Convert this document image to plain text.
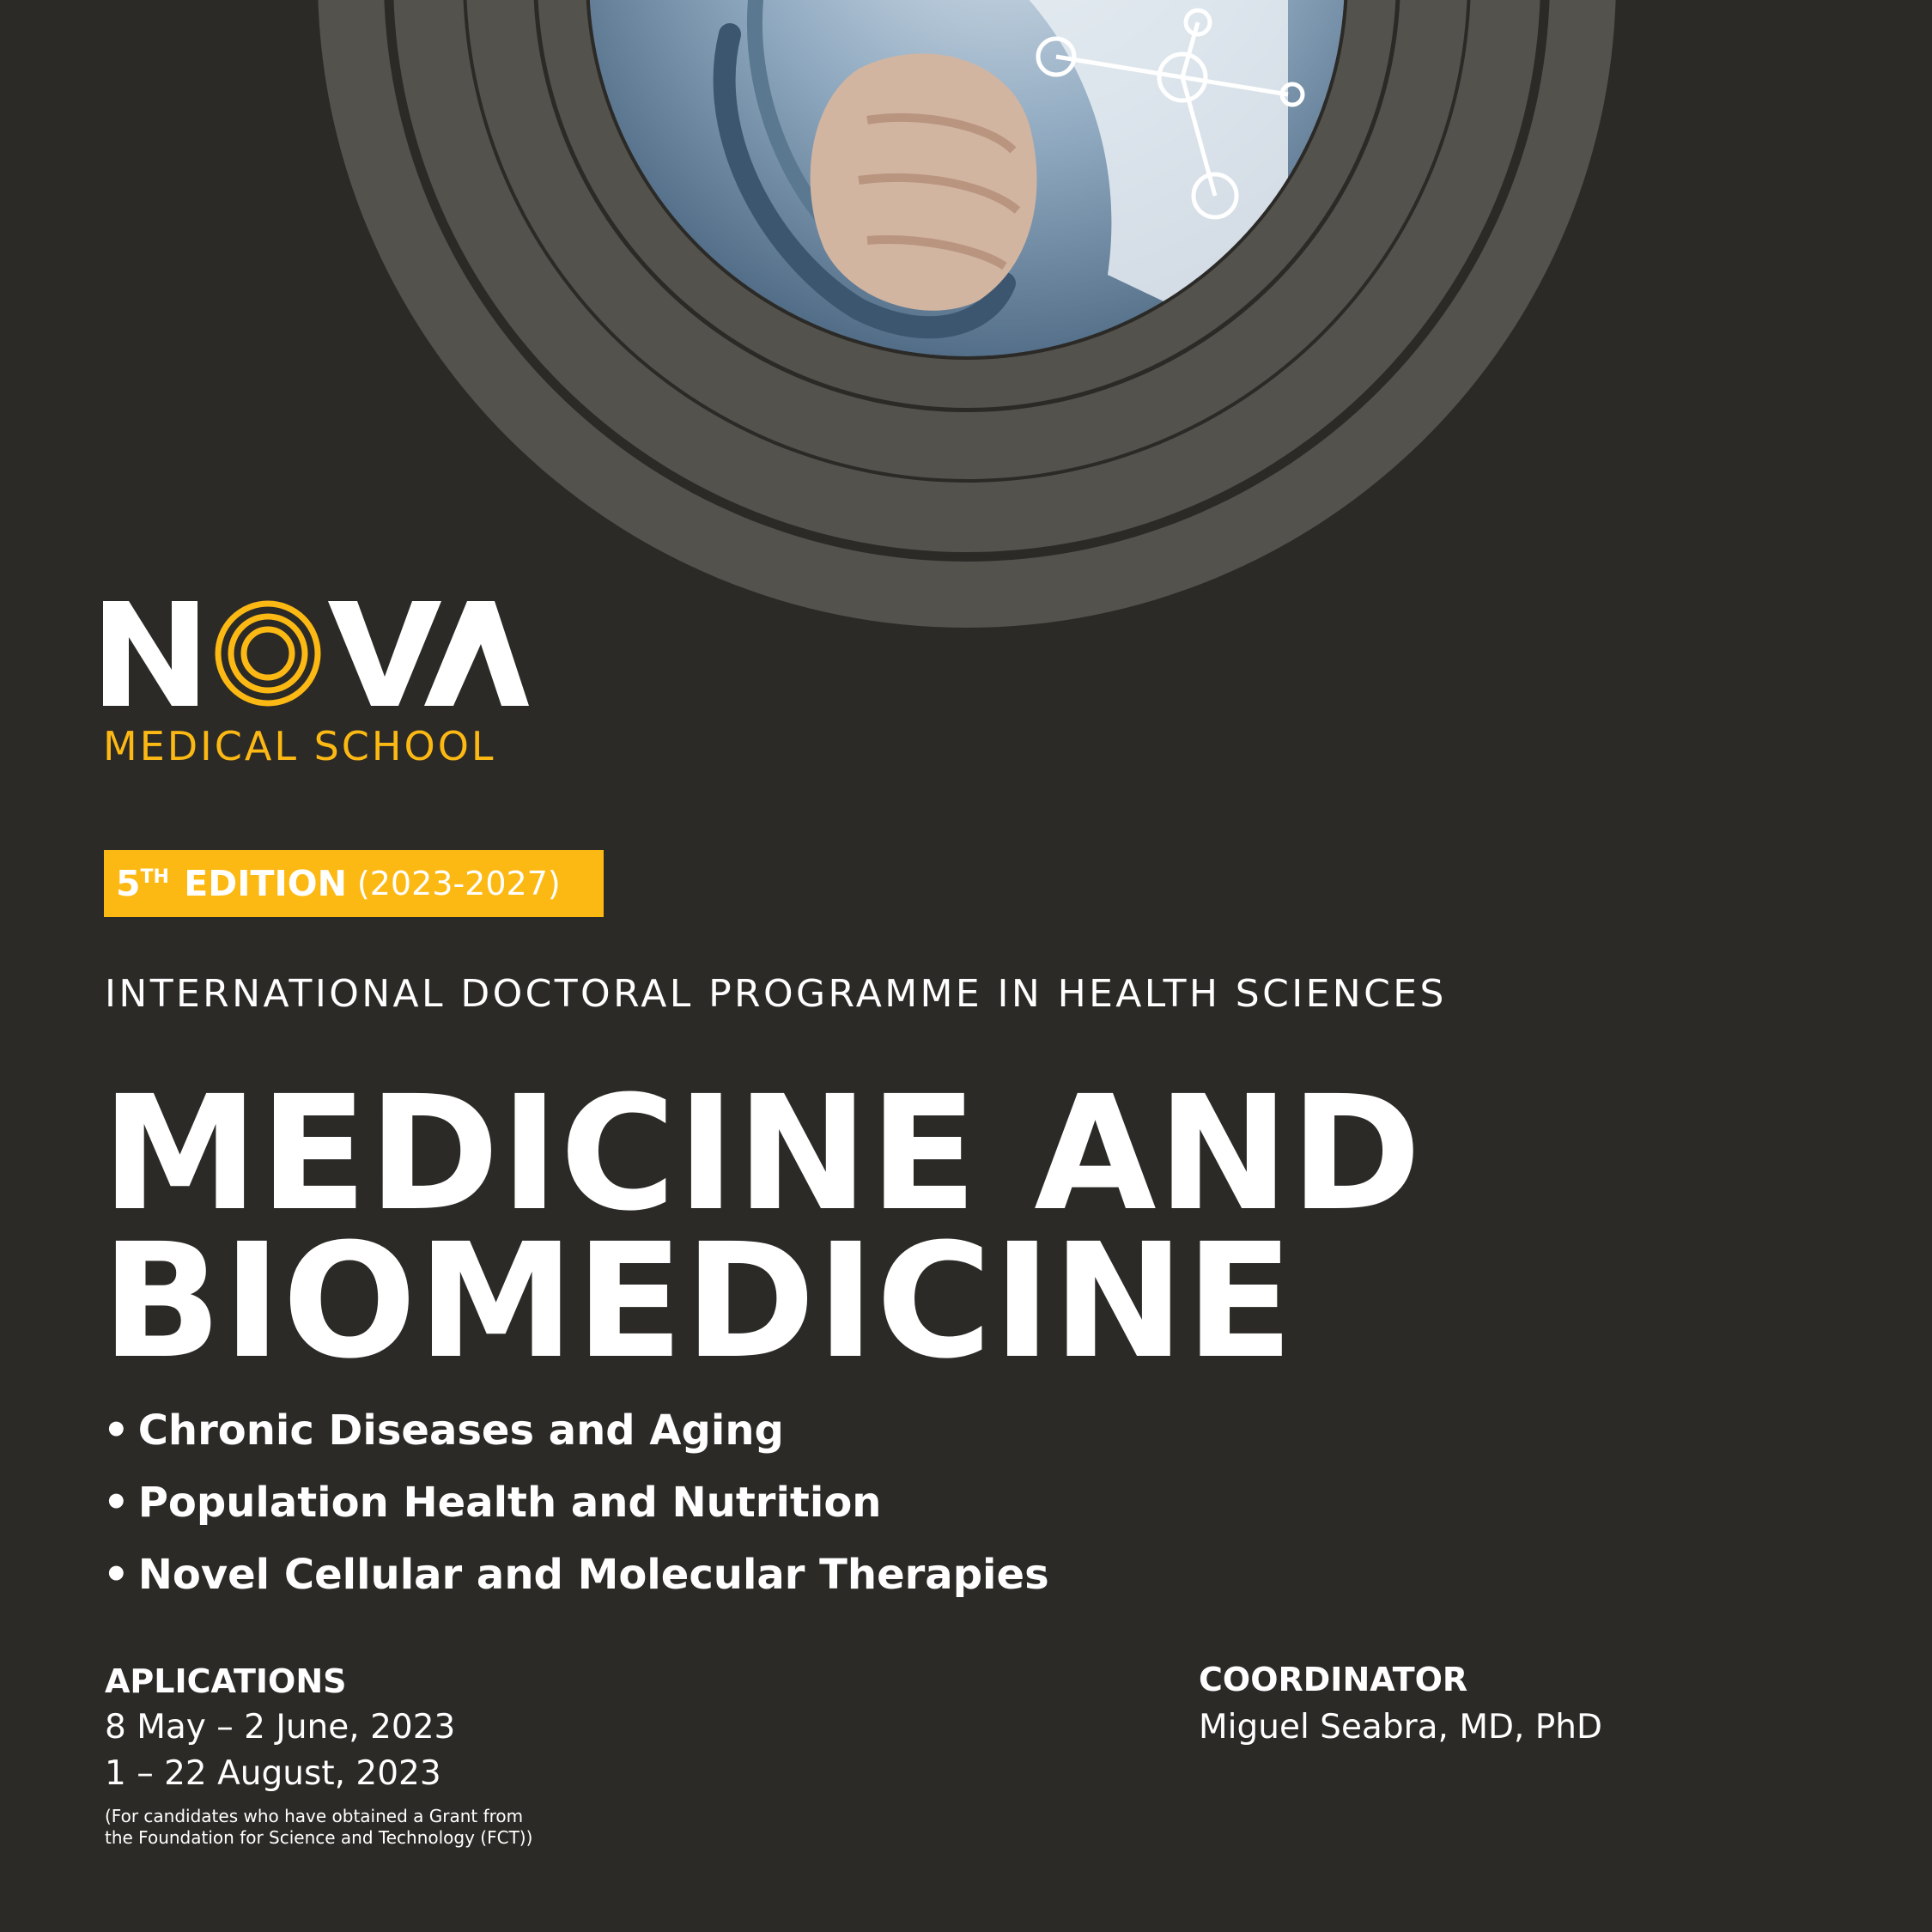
MEDICAL SCHOOL
5TH EDITION (2023-2027)
INTERNATIONAL DOCTORAL PROGRAMME IN HEALTH SCIENCES
MEDICINE AND
BIOMEDICINE
• Chronic Diseases and Aging
• Population Health and Nutrition
• Novel Cellular and Molecular Therapies
APLICATIONS
8 May – 2 June, 2023
1 – 22 August, 2023
(For candidates who have obtained a Grant from
the Foundation for Science and Technology (FCT))
COORDINATOR
Miguel Seabra, MD, PhD
